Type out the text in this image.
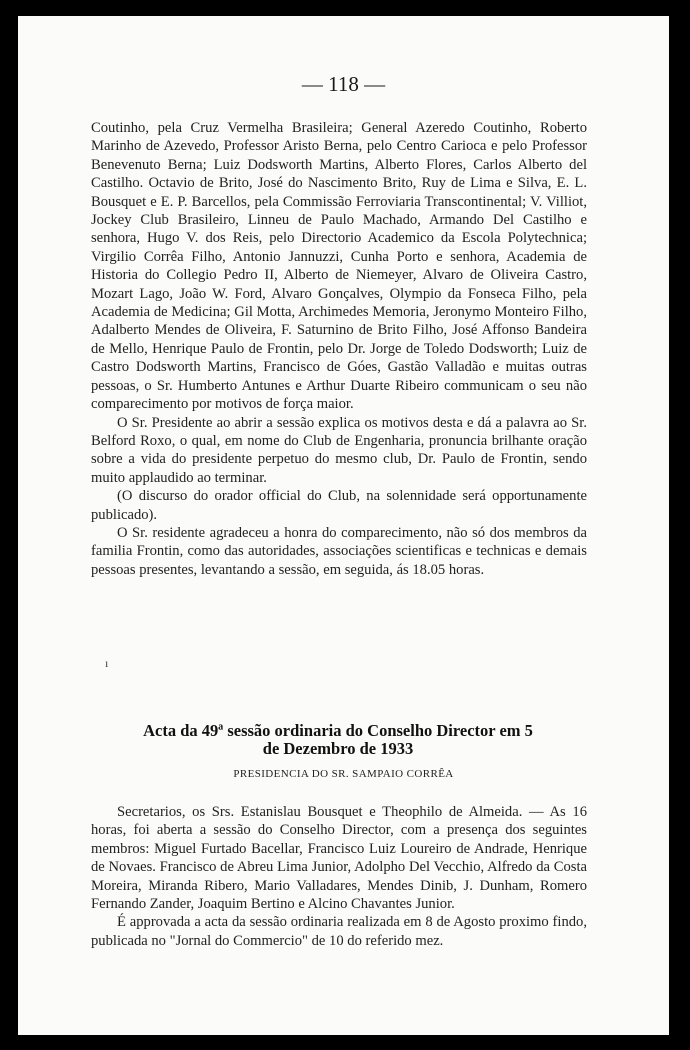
— 118 —

Coutinho, pela Cruz Vermelha Brasileira; General Azeredo Coutinho, Roberto Marinho de Azevedo, Professor Aristo Berna, pelo Centro Carioca e pelo Professor Benevenuto Berna; Luiz Dodsworth Martins, Alberto Flores, Carlos Alberto del Castilho. Octavio de Brito, José do Nascimento Brito, Ruy de Lima e Silva, E. L. Bousquet e E. P. Barcellos, pela Commissão Ferroviaria Transcontinental; V. Villiot, Jockey Club Brasileiro, Linneu de Paulo Machado, Armando Del Castilho e senhora, Hugo V. dos Reis, pelo Directorio Academico da Escola Polytechnica; Virgilio Corrêa Filho, Antonio Jannuzzi, Cunha Porto e senhora, Academia de Historia do Collegio Pedro II, Alberto de Niemeyer, Alvaro de Oliveira Castro, Mozart Lago, João W. Ford, Alvaro Gonçalves, Olympio da Fonseca Filho, pela Academia de Medicina; Gil Motta, Archimedes Memoria, Jeronymo Monteiro Filho, Adalberto Mendes de Oliveira, F. Saturnino de Brito Filho, José Affonso Bandeira de Mello, Henrique Paulo de Frontin, pelo Dr. Jorge de Toledo Dodsworth; Luiz de Castro Dodsworth Martins, Francisco de Góes, Gastão Valladão e muitas outras pessoas, o Sr. Humberto Antunes e Arthur Duarte Ribeiro communicam o seu não comparecimento por motivos de força maior.

O Sr. Presidente ao abrir a sessão explica os motivos desta e dá a palavra ao Sr. Belford Roxo, o qual, em nome do Club de Engenharia, pronuncia brilhante oração sobre a vida do presidente perpetuo do mesmo club, Dr. Paulo de Frontin, sendo muito applaudido ao terminar.

(O discurso do orador official do Club, na solennidade será opportunamente publicado).

O Sr. residente agradeceu a honra do comparecimento, não só dos membros da familia Frontin, como das autoridades, associações scientificas e technicas e demais pessoas presentes, levantando a sessão, em seguida, ás 18.05 horas.

ı
Acta da 49ª sessão ordinaria do Conselho Director em 5
de Dezembro de 1933
PRESIDENCIA DO SR. SAMPAIO CORRÊA

Secretarios, os Srs. Estanislau Bousquet e Theophilo de Almeida. — As 16 horas, foi aberta a sessão do Conselho Director, com a presença dos seguintes membros: Miguel Furtado Bacellar, Francisco Luiz Loureiro de Andrade, Henrique de Novaes. Francisco de Abreu Lima Junior, Adolpho Del Vecchio, Alfredo da Costa Moreira, Miranda Ribero, Mario Valladares, Mendes Dinib, J. Dunham, Romero Fernando Zander, Joaquim Bertino e Alcino Chavantes Junior.

É approvada a acta da sessão ordinaria realizada em 8 de Agosto proximo findo, publicada no "Jornal do Commercio" de 10 do referido mez.
